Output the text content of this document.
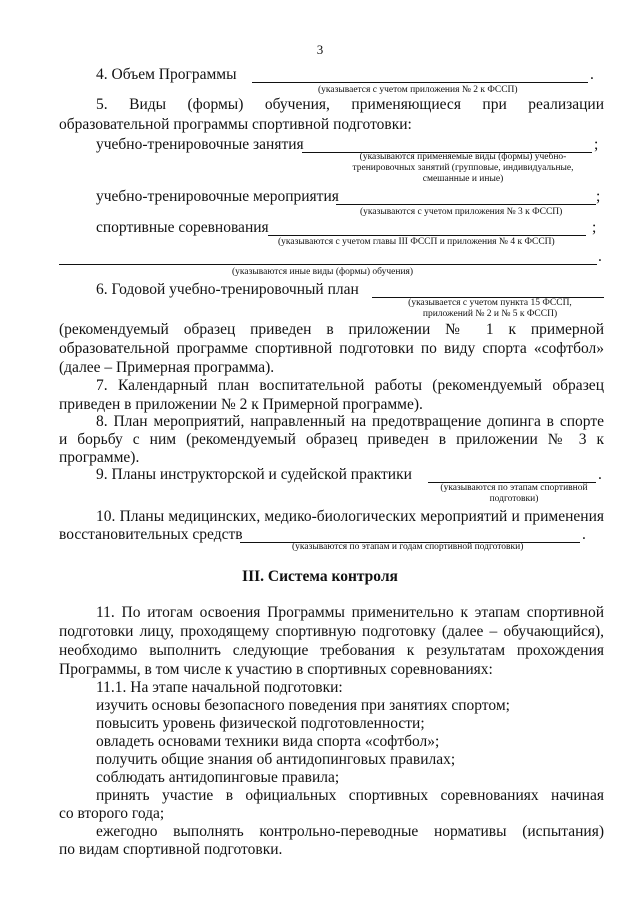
3
4. Объем Программы	.
(указывается с учетом приложения № 2 к ФССП)
5. Виды (формы) обучения, применяющиеся при реализации
образовательной программы спортивной подготовки:
учебно-тренировочные занятия	;
(указываются применяемые виды (формы) учебно-
тренировочных занятий (групповые, индивидуальные,
смешанные и иные)
учебно-тренировочные мероприятия	;
(указываются с учетом приложения № 3 к ФССП)
спортивные соревнования	;
(указываются с учетом главы III ФССП и приложения № 4 к ФССП)
.
(указываются иные виды (формы) обучения)
6. Годовой учебно-тренировочный план
(указывается с учетом пункта 15 ФССП,
приложений № 2 и № 5 к ФССП)
(рекомендуемый образец приведен в приложении № 1 к примерной
образовательной программе спортивной подготовки по виду спорта «софтбол»
(далее – Примерная программа).
7. Календарный план воспитательной работы (рекомендуемый образец
приведен в приложении № 2 к Примерной программе).
8. План мероприятий, направленный на предотвращение допинга в спорте
и борьбу с ним (рекомендуемый образец приведен в приложении № 3 к
программе).
9. Планы инструкторской и судейской практики	.
(указываются по этапам спортивной
подготовки)
10. Планы медицинских, медико-биологических мероприятий и применения
восстановительных средств	.
(указываются по этапам и годам спортивной подготовки)
III. Система контроля
11. По итогам освоения Программы применительно к этапам спортивной
подготовки лицу, проходящему спортивную подготовку (далее – обучающийся),
необходимо выполнить следующие требования к результатам прохождения
Программы, в том числе к участию в спортивных соревнованиях:
11.1. На этапе начальной подготовки:
изучить основы безопасного поведения при занятиях спортом;
повысить уровень физической подготовленности;
овладеть основами техники вида спорта «софтбол»;
получить общие знания об антидопинговых правилах;
соблюдать антидопинговые правила;
принять участие в официальных спортивных соревнованиях начиная
со второго года;
ежегодно выполнять контрольно-переводные нормативы (испытания)
по видам спортивной подготовки.
